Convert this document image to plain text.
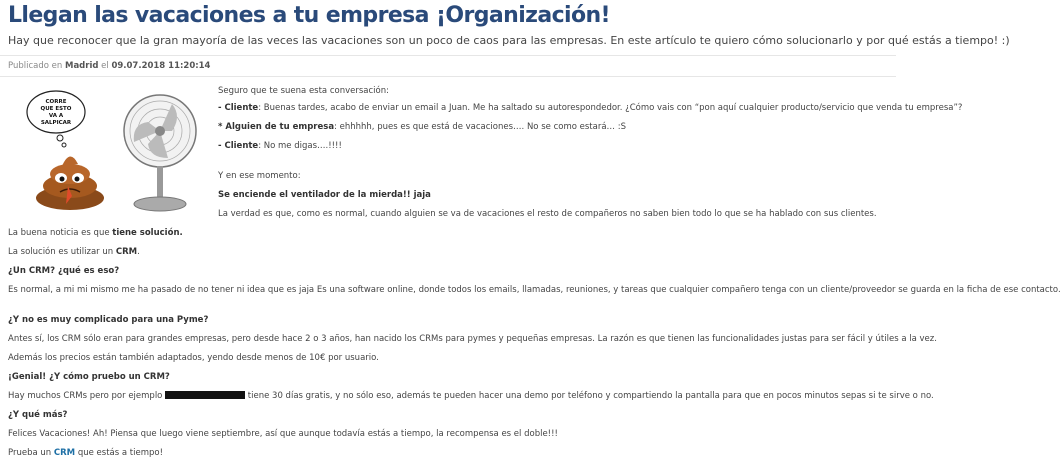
Llegan las vacaciones a tu empresa ¡Organización!

Hay que reconocer que la gran mayoría de las veces las vacaciones son un poco de caos para las empresas. En este artículo te quiero cómo solucionarlo y por qué estás a tiempo! :)

Publicado en Madrid el 09.07.2018 11:20:14
CORRE
QUE ESTO
VA A
SALPICAR

Seguro que te suena esta conversación:

- Cliente: Buenas tardes, acabo de enviar un email a Juan. Me ha saltado su autorespondedor. ¿Cómo vais con “pon aquí cualquier producto/servicio que venda tu empresa”?

* Alguien de tu empresa: ehhhhh, pues es que está de vacaciones…. No se como estará… :S

- Cliente: No me digas….!!!!

Y en ese momento:

Se enciende el ventilador de la mierda!! jaja

La verdad es que, como es normal, cuando alguien se va de vacaciones el resto de compañeros no saben bien todo lo que se ha hablado con sus clientes.

La buena noticia es que tiene solución.

La solución es utilizar un CRM.

¿Un CRM? ¿qué es eso?

Es normal, a mi mi mismo me ha pasado de no tener ni idea que es jaja Es una software online, donde todos los emails, llamadas, reuniones, y tareas que cualquier compañero tenga con un cliente/proveedor se guarda en la ficha de ese contacto.

¿Y no es muy complicado para una Pyme?

Antes sí, los CRM sólo eran para grandes empresas, pero desde hace 2 o 3 años, han nacido los CRMs para pymes y pequeñas empresas. La razón es que tienen las funcionalidades justas para ser fácil y útiles a la vez.

Además los precios están también adaptados, yendo desde menos de 10€ por usuario.

¡Genial! ¿Y cómo pruebo un CRM?

Hay muchos CRMs pero por ejemplo	tiene 30 días gratis, y no sólo eso, además te pueden hacer una demo por teléfono y compartiendo la pantalla para que en pocos minutos sepas si te sirve o no.

¿Y qué más?

Felices Vacaciones! Ah! Piensa que luego viene septiembre, así que aunque todavía estás a tiempo, la recompensa es el doble!!!

Prueba un CRM que estás a tiempo!
